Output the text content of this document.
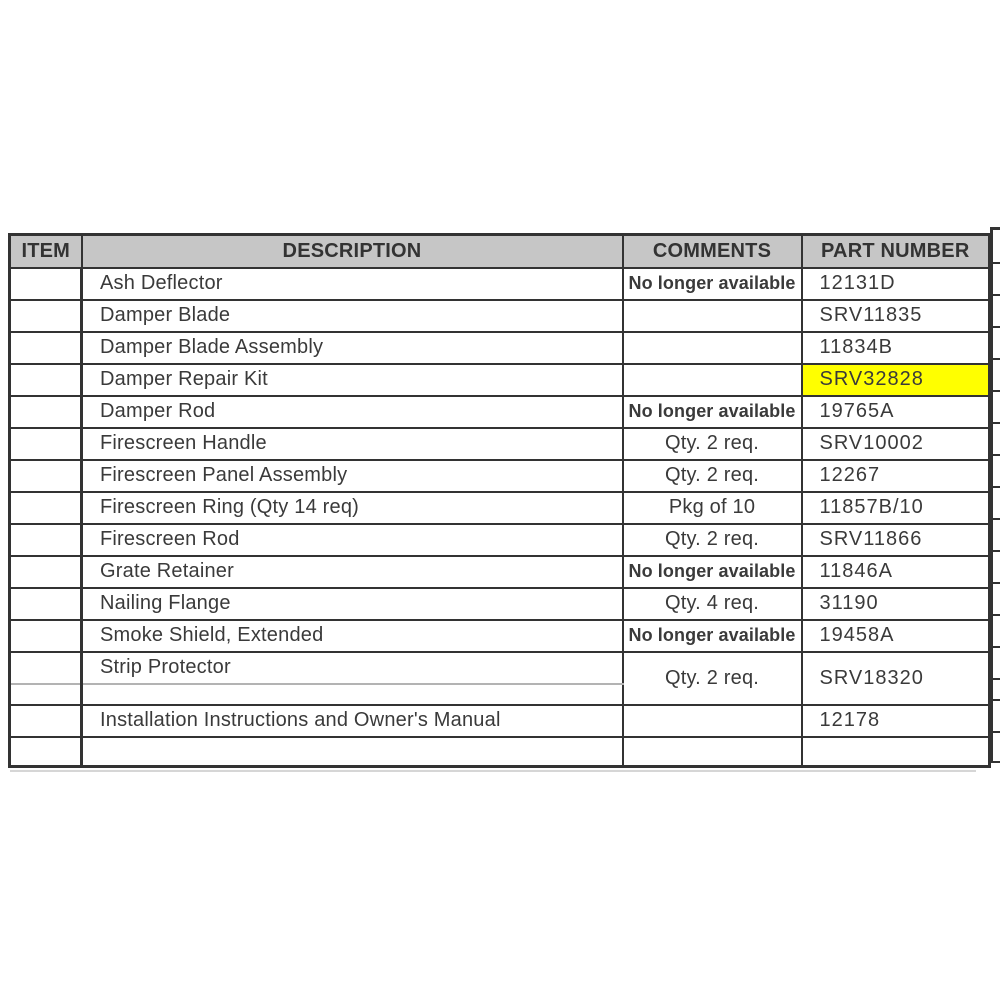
ITEM	DESCRIPTION	COMMENTS	PART NUMBER
	Ash Deflector	No longer available	12131D
	Damper Blade		SRV11835
	Damper Blade Assembly		11834B
	Damper Repair Kit		SRV32828
	Damper Rod	No longer available	19765A
	Firescreen Handle	Qty. 2 req.	SRV10002
	Firescreen Panel Assembly	Qty. 2 req.	12267
	Firescreen Ring (Qty 14 req)	Pkg of 10	11857B/10
	Firescreen Rod	Qty. 2 req.	SRV11866
	Grate Retainer	No longer available	11846A
	Nailing Flange	Qty. 4 req.	31190
	Smoke Shield, Extended	No longer available	19458A
	Strip Protector	Qty. 2 req.	SRV18320

	Installation Instructions and Owner's Manual		12178
